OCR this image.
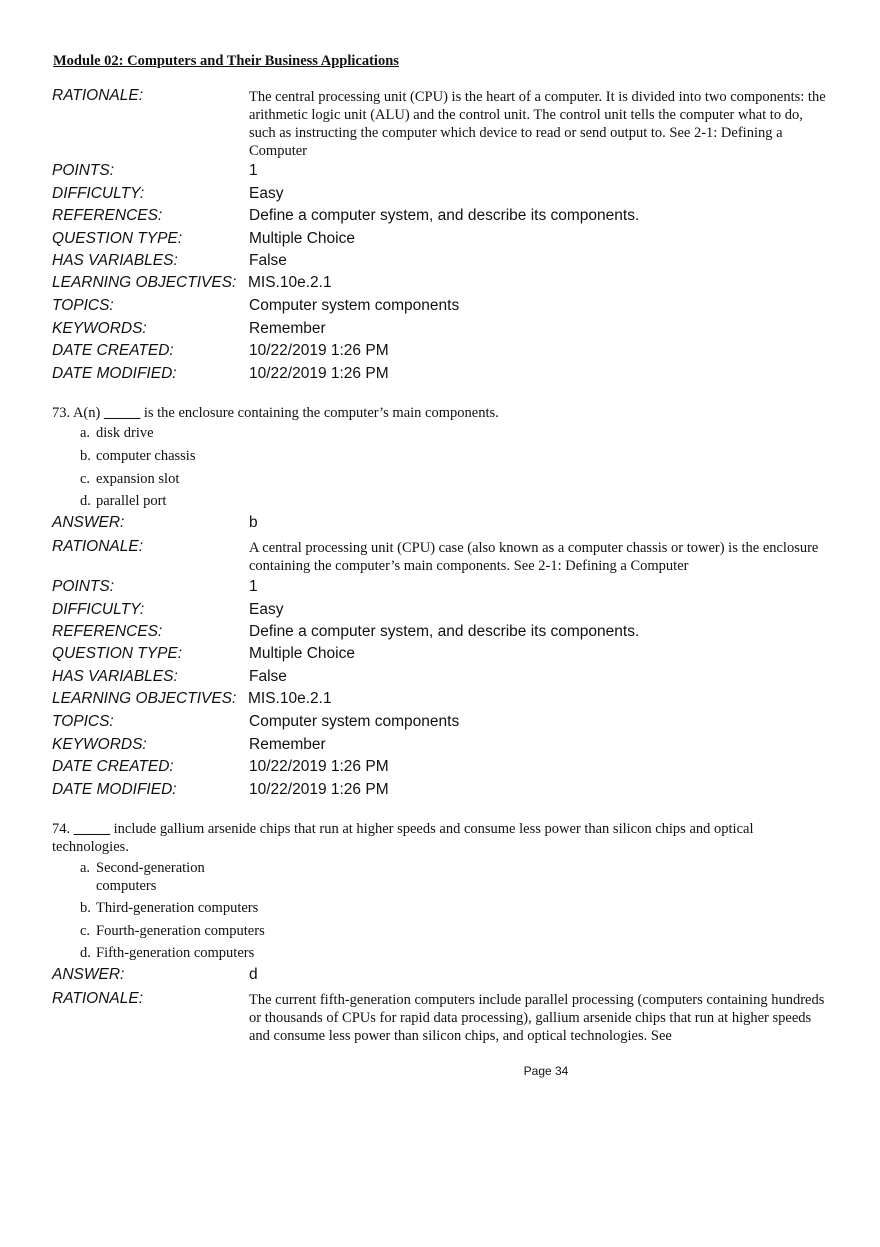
Module 02: Computers and Their Business Applications
RATIONALE:	The central processing unit (CPU) is the heart of a computer. It is divided into two components: the arithmetic logic unit (ALU) and the control unit. The control unit tells the computer what to do, such as instructing the computer which device to read or send output to. See 2-1: Defining a Computer
POINTS:	1
DIFFICULTY:	Easy
REFERENCES:	Define a computer system, and describe its components.
QUESTION TYPE:	Multiple Choice
HAS VARIABLES:	False
LEARNING OBJECTIVES: MIS.10e.2.1
TOPICS:	Computer system components
KEYWORDS:	Remember
DATE CREATED:	10/22/2019 1:26 PM
DATE MODIFIED:	10/22/2019 1:26 PM
73. A(n) _____ is the enclosure containing the computer’s main components.
a. disk drive
b. computer chassis
c. expansion slot
d. parallel port
ANSWER:	b
RATIONALE:	A central processing unit (CPU) case (also known as a computer chassis or tower) is the enclosure containing the computer’s main components. See 2-1: Defining a Computer
POINTS:	1
DIFFICULTY:	Easy
REFERENCES:	Define a computer system, and describe its components.
QUESTION TYPE:	Multiple Choice
HAS VARIABLES:	False
LEARNING OBJECTIVES: MIS.10e.2.1
TOPICS:	Computer system components
KEYWORDS:	Remember
DATE CREATED:	10/22/2019 1:26 PM
DATE MODIFIED:	10/22/2019 1:26 PM
74. _____ include gallium arsenide chips that run at higher speeds and consume less power than silicon chips and optical technologies.
a. Second-generation computers
b. Third-generation computers
c. Fourth-generation computers
d. Fifth-generation computers
ANSWER:	d
RATIONALE:	The current fifth-generation computers include parallel processing (computers containing hundreds or thousands of CPUs for rapid data processing), gallium arsenide chips that run at higher speeds and consume less power than silicon chips, and optical technologies. See
Page 34
